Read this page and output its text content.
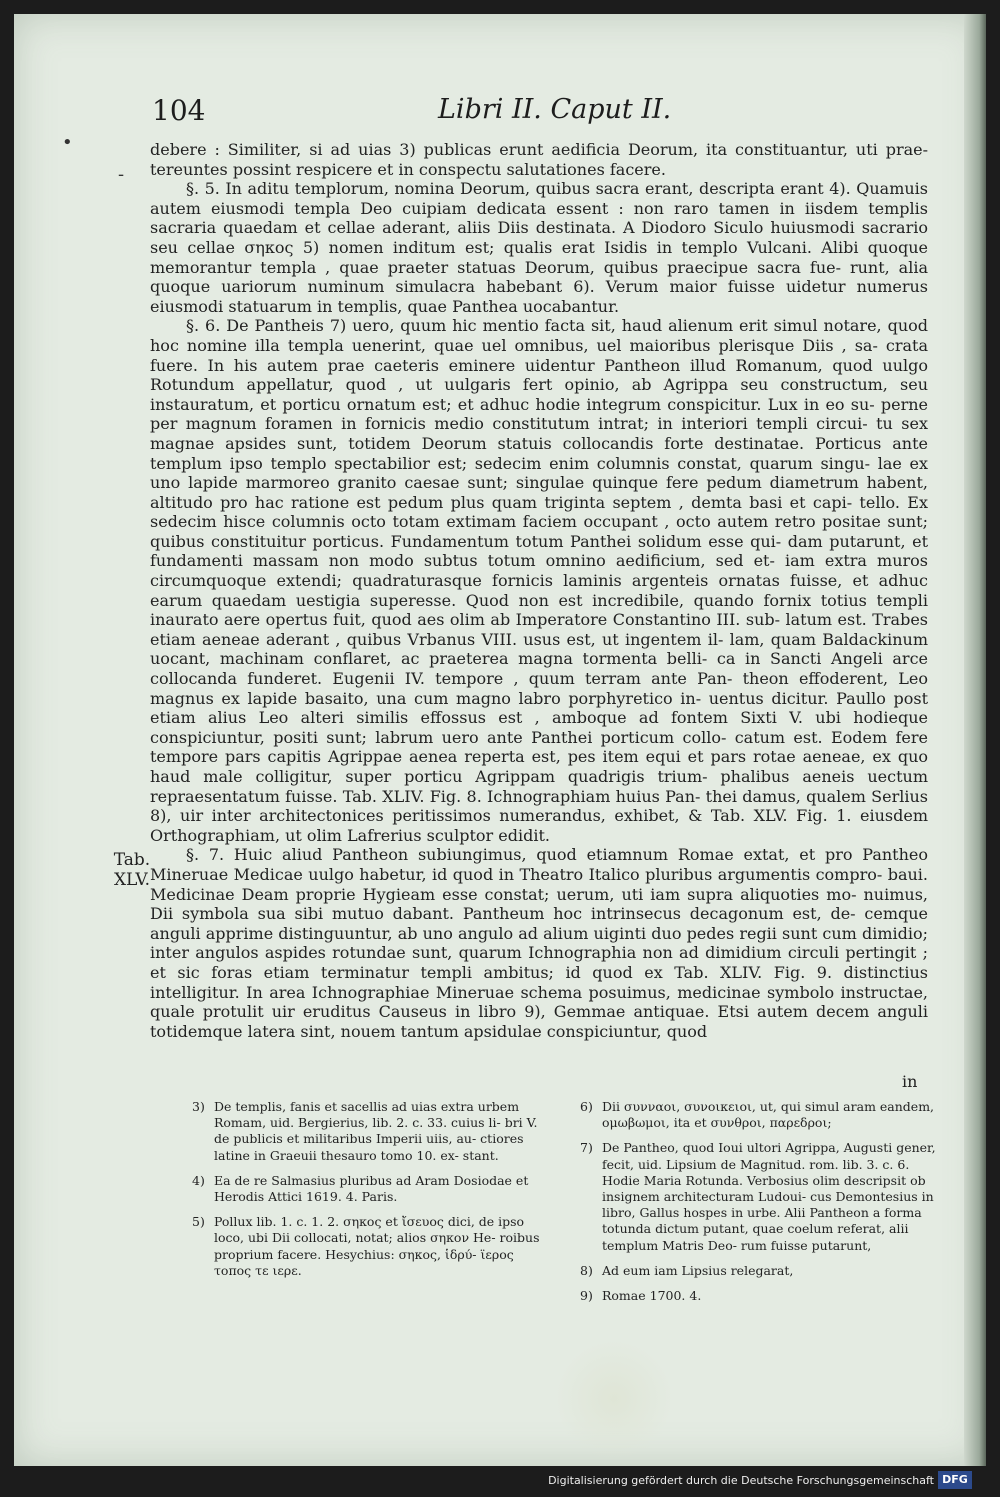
104	Libri II. Caput II.
•
-

debere : Similiter, si ad uias 3) publicas erunt aedificia Deorum, ita constituantur, uti prae- tereuntes possint respicere et in conspectu salutationes facere.

§. 5. In aditu templorum, nomina Deorum, quibus sacra erant, descripta erant 4). Quamuis autem eiusmodi templa Deo cuipiam dedicata essent : non raro tamen in iisdem templis sacraria quaedam et cellae aderant, aliis Diis destinata. A Diodoro Siculo huiusmodi sacrario seu cellae σηκος 5) nomen inditum est; qualis erat Isidis in templo Vulcani. Alibi quoque memorantur templa , quae praeter statuas Deorum, quibus praecipue sacra fue- runt, alia quoque uariorum numinum simulacra habebant 6). Verum maior fuisse uidetur numerus eiusmodi statuarum in templis, quae Panthea uocabantur.

§. 6. De Pantheis 7) uero, quum hic mentio facta sit, haud alienum erit simul notare, quod hoc nomine illa templa uenerint, quae uel omnibus, uel maioribus plerisque Diis , sa- crata fuere. In his autem prae caeteris eminere uidentur Pantheon illud Romanum, quod uulgo Rotundum appellatur, quod , ut uulgaris fert opinio, ab Agrippa seu constructum, seu instauratum, et porticu ornatum est; et adhuc hodie integrum conspicitur. Lux in eo su- perne per magnum foramen in fornicis medio constitutum intrat; in interiori templi circui- tu sex magnae apsides sunt, totidem Deorum statuis collocandis forte destinatae. Porticus ante templum ipso templo spectabilior est; sedecim enim columnis constat, quarum singu- lae ex uno lapide marmoreo granito caesae sunt; singulae quinque fere pedum diametrum habent, altitudo pro hac ratione est pedum plus quam triginta septem , demta basi et capi- tello. Ex sedecim hisce columnis octo totam extimam faciem occupant , octo autem retro positae sunt; quibus constituitur porticus. Fundamentum totum Panthei solidum esse qui- dam putarunt, et fundamenti massam non modo subtus totum omnino aedificium, sed et- iam extra muros circumquoque extendi; quadraturasque fornicis laminis argenteis ornatas fuisse, et adhuc earum quaedam uestigia superesse. Quod non est incredibile, quando fornix totius templi inaurato aere opertus fuit, quod aes olim ab Imperatore Constantino III. sub- latum est. Trabes etiam aeneae aderant , quibus Vrbanus VIII. usus est, ut ingentem il- lam, quam Baldackinum uocant, machinam conflaret, ac praeterea magna tormenta belli- ca in Sancti Angeli arce collocanda funderet. Eugenii IV. tempore , quum terram ante Pan- theon effoderent, Leo magnus ex lapide basaito, una cum magno labro porphyretico in- uentus dicitur. Paullo post etiam alius Leo alteri similis effossus est , amboque ad fontem Sixti V. ubi hodieque conspiciuntur, positi sunt; labrum uero ante Panthei porticum collo- catum est. Eodem fere tempore pars capitis Agrippae aenea reperta est, pes item equi et pars rotae aeneae, ex quo haud male colligitur, super porticu Agrippam quadrigis trium- phalibus aeneis uectum repraesentatum fuisse. Tab. XLIV. Fig. 8. Ichnographiam huius Pan- thei damus, qualem Serlius 8), uir inter architectonices peritissimos numerandus, exhibet, & Tab. XLV. Fig. 1. eiusdem Orthographiam, ut olim Lafrerius sculptor edidit.

§. 7. Huic aliud Pantheon subiungimus, quod etiamnum Romae extat, et pro Pantheo Mineruae Medicae uulgo habetur, id quod in Theatro Italico pluribus argumentis compro- baui. Medicinae Deam proprie Hygieam esse constat; uerum, uti iam supra aliquoties mo- nuimus, Dii symbola sua sibi mutuo dabant. Pantheum hoc intrinsecus decagonum est, de- cemque anguli apprime distinguuntur, ab uno angulo ad alium uiginti duo pedes regii sunt cum dimidio; inter angulos aspides rotundae sunt, quarum Ichnographia non ad dimidium circuli pertingit ; et sic foras etiam terminatur templi ambitus; id quod ex Tab. XLIV. Fig. 9. distinctius intelligitur. In area Ichnographiae Mineruae schema posuimus, medicinae symbolo instructae, quale protulit uir eruditus Causeus in libro 9), Gemmae antiquae. Etsi autem decem anguli totidemque latera sint, nouem tantum apsidulae conspiciuntur, quod

Tab.
XLV.
in
3) De templis, fanis et sacellis ad uias extra urbem Romam, uid. Bergierius, lib. 2. c. 33. cuius li- bri V. de publicis et militaribus Imperii uiis, au- ctiores latine in Graeuii thesauro tomo 10. ex- stant.
4) Ea de re Salmasius pluribus ad Aram Dosiodae et Herodis Attici 1619. 4. Paris.
5) Pollux lib. 1. c. 1. 2. σηκος et ἴσευος dici, de ipso loco, ubi Dii collocati, notat; alios σηκον He- roibus proprium facere. Hesychius: σηκος, ἱδρύ- ϊερος τοπος τε ιερε.
6) Dii συνναοι, συνοικειοι, ut, qui simul aram eandem, ομωβωμοι, ita et συνθροι, παρεδροι;
7) De Pantheo, quod Ioui ultori Agrippa, Augusti gener, fecit, uid. Lipsium de Magnitud. rom. lib. 3. c. 6. Hodie Maria Rotunda. Verbosius olim descripsit ob insignem architecturam Ludoui- cus Demontesius in libro, Gallus hospes in urbe. Alii Pantheon a forma totunda dictum putant, quae coelum referat, alii templum Matris Deo- rum fuisse putarunt,
8) Ad eum iam Lipsius relegarat,
9) Romae 1700. 4.
Digitalisierung gefördert durch die Deutsche Forschungsgemeinschaft DFG
